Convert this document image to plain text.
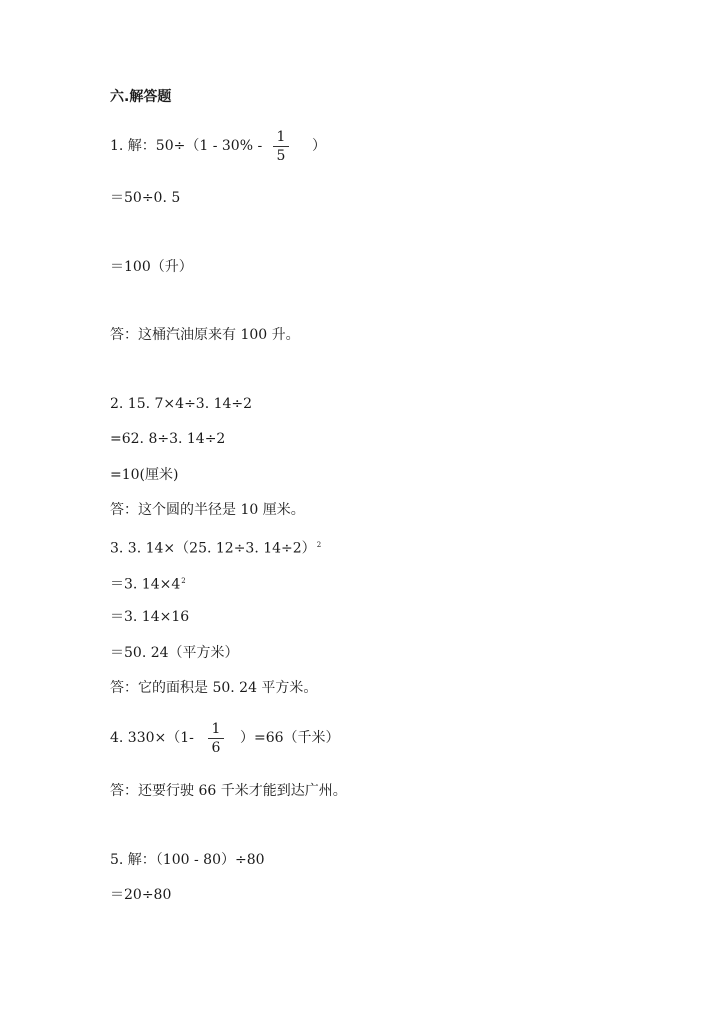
六.解答题
1. 解：50÷（1 - 30% -
1
5
）
＝50÷0. 5
＝100（升）
答：这桶汽油原来有 100 升。
2. 15. 7×4÷3. 14÷2
=62. 8÷3. 14÷2
=10(厘米)
答：这个圆的半径是 10 厘米。
3. 3. 14×（25. 12÷3. 14÷2）$^2$
＝3. $14\times 4^2$
＝3. 14×16
＝50. 24（平方米）
答：它的面积是 50. 24 平方米。
4. 330×（1-
1
6
）=66（千米）
答：还要行驶 66 千米才能到达广州。
5. 解：（100 - 80）÷80
＝20÷80
